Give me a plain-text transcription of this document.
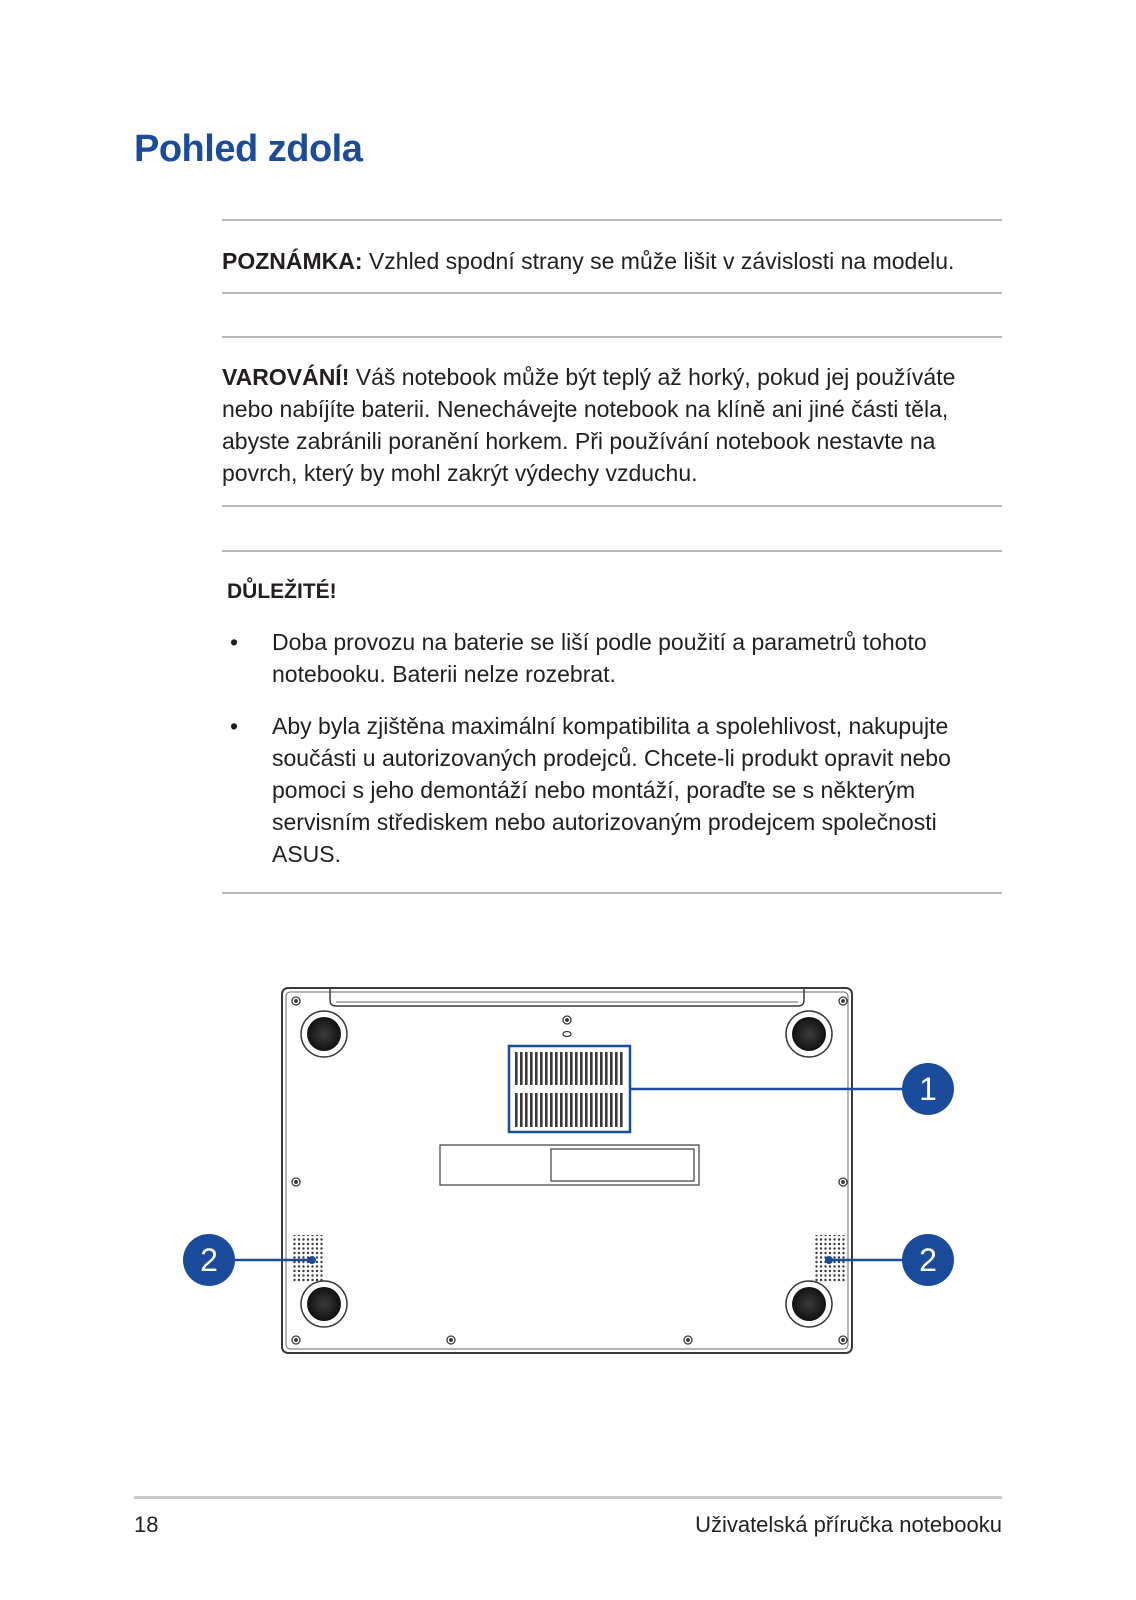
Pohled zdola

POZNÁMKA: Vzhled spodní strany se může lišit v závislosti na modelu.

VAROVÁNÍ! Váš notebook může být teplý až horký, pokud jej používáte
nebo nabíjíte baterii. Nenechávejte notebook na klíně ani jiné části těla,
abyste zabránili poranění horkem. Při používání notebook nestavte na
povrch, který by mohl zakrýt výdechy vzduchu.

DŮLEŽITÉ!

• Doba provozu na baterie se liší podle použití a parametrů tohoto
notebooku. Baterii nelze rozebrat.
• Aby byla zjištěna maximální kompatibilita a spolehlivost, nakupujte
součásti u autorizovaných prodejců. Chcete-li produkt opravit nebo
pomoci s jeho demontáží nebo montáží, poraďte se s některým
servisním střediskem nebo autorizovaným prodejcem společnosti
ASUS.
1
2	2
18	Uživatelská příručka notebooku
